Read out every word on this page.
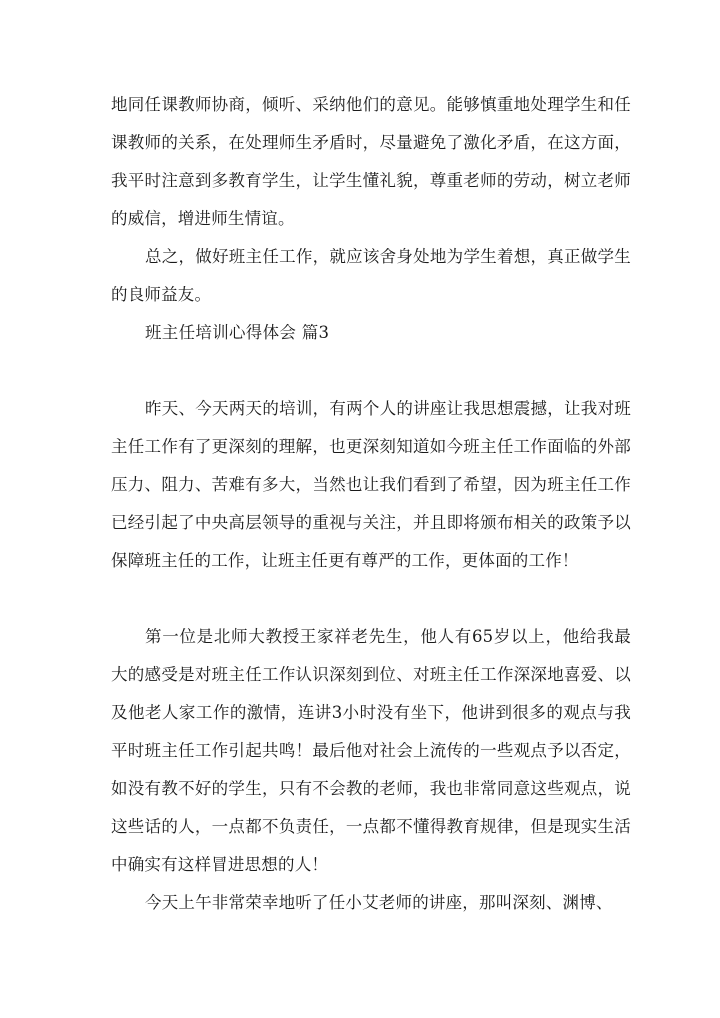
地同任课教师协商，倾听、采纳他们的意见。能够慎重地处理学生和任课教师的关系，在处理师生矛盾时，尽量避免了激化矛盾，在这方面，我平时注意到多教育学生，让学生懂礼貌，尊重老师的劳动，树立老师的威信，增进师生情谊。

总之，做好班主任工作，就应该舍身处地为学生着想，真正做学生的良师益友。

班主任培训心得体会 篇3

昨天、今天两天的培训，有两个人的讲座让我思想震撼，让我对班主任工作有了更深刻的理解，也更深刻知道如今班主任工作面临的外部压力、阻力、苦难有多大，当然也让我们看到了希望，因为班主任工作已经引起了中央高层领导的重视与关注，并且即将颁布相关的政策予以保障班主任的工作，让班主任更有尊严的工作，更体面的工作！

第一位是北师大教授王家祥老先生，他人有65岁以上，他给我最大的感受是对班主任工作认识深刻到位、对班主任工作深深地喜爱、以及他老人家工作的激情，连讲3小时没有坐下，他讲到很多的观点与我平时班主任工作引起共鸣！最后他对社会上流传的一些观点予以否定，如没有教不好的学生，只有不会教的老师，我也非常同意这些观点，说这些话的人，一点都不负责任，一点都不懂得教育规律，但是现实生活中确实有这样冒进思想的人！

今天上午非常荣幸地听了任小艾老师的讲座，那叫深刻、渊博、
